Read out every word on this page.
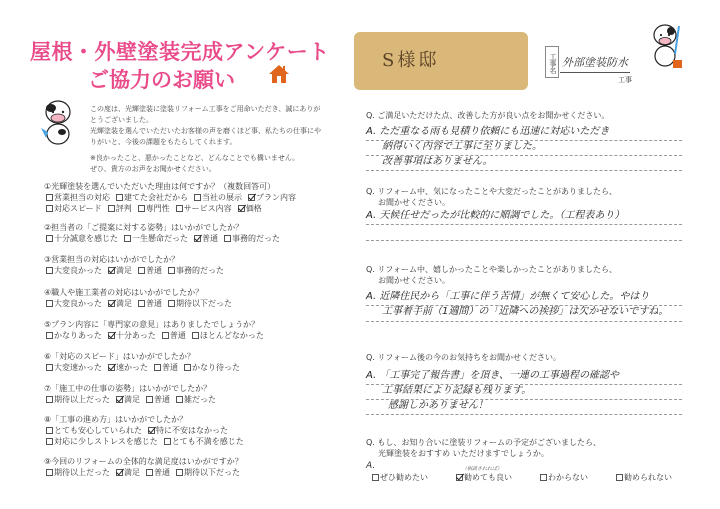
屋根・外壁塗装完成アンケート
ご協力のお願い

この度は、光輝塗装に塗装リフォーム工事をご用命いただき、誠にありが

とうございました。

光輝塗装を選んでいただいたお客様の声を磨くほど事、私たちの仕事にや

りがいと、今後の課題をもたらしてくれます。

※良かったこと、悪かったことなど、どんなことでも構いません。

ぜひ、貴方のお声をお聞かせください。

S様邸	工事名 外部塗装防水
工事
①光輝塗装を選んでいただいた理由は何ですか？（複数回答可）
営業担当の対応 建てた会社だから 当社の展示 プラン内容
対応スピード 評判 専門性 サービス内容 価格
②担当者の「ご提案に対する姿勢」はいかがでしたか？
十分誠意を感じた 一生懸命だった 普通 事務的だった
③営業担当の対応はいかがでしたか？
大変良かった 満足 普通 事務的だった
④職人や施工業者の対応はいかがでしたか？
大変良かった 満足 普通 期待以下だった
⑤プラン内容に「専門家の意見」はありましたでしょうか？
かなりあった 十分あった 普通 ほとんどなかった
⑥「対応のスピード」はいかがでしたか？
大変速かった 速かった 普通 かなり待った
⑦「施工中の仕事の姿勢」はいかがでしたか？
期待以上だった 満足 普通 雑だった
⑧「工事の進め方」はいかがでしたか？
とても安心していられた 特に不安はなかった
対応に少しストレスを感じた とても不満を感じた
⑨今回のリフォームの全体的な満足度はいかがですか？
期待以上だった 満足 普通 期待以下だった
Q. ご満足いただけた点、改善した方が良い点をお聞かせください。
A. ただ重なる雨も見積り依頼にも迅速に対応いただき
納得いく内容で工事に至りました。
改善事項はありません。
Q. リフォーム中、気になったことや大変だったことがありましたら、
お聞かせください。
A. 天候任せだったが比較的に順調でした。（工程表あり）
Q. リフォーム中、嬉しかったことや楽しかったことがありましたら、
お聞かせください。
A. 近隣住民から「工事に伴う苦情」が無くて安心した。やはり
工事着手前（1週間）の「近隣への挨拶」は欠かせないですね。
Q. リフォーム後の今のお気持ちをお聞かせください。
A. 「工事完了報告書」を頂き、一連の工事過程の確認や
工事結果により記録も残ります。
感謝しかありません！
Q. もし、お知り合いに塗装リフォームの予定がございましたら、
光輝塗装をおすすめ いただけますでしょうか。
A.	（相談されれば）
ぜひ勧めたい	勧めても良い	わからない	勧められない
